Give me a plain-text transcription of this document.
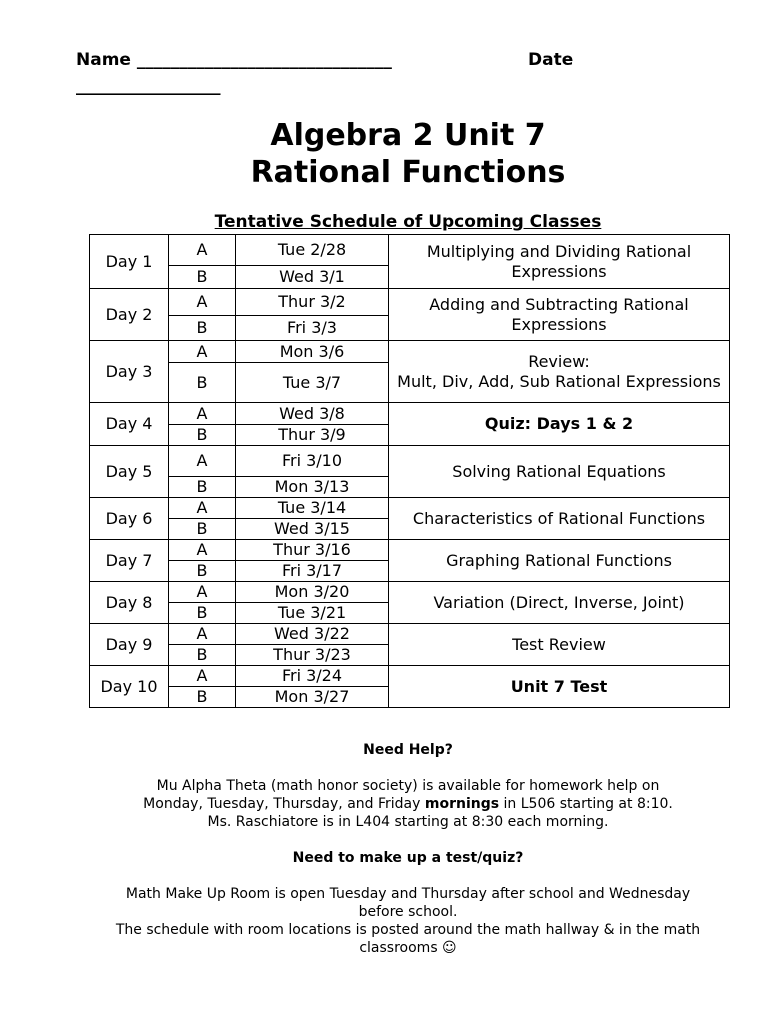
Name ______________________________	Date
_________________
Algebra 2 Unit 7
Rational Functions
Tentative Schedule of Upcoming Classes
Day 1	A	Tue 2/28	Multiplying and Dividing Rational Expressions
	B	Wed 3/1	
Day 2	A	Thur 3/2	Adding and Subtracting Rational Expressions
	B	Fri 3/3	
Day 3	A	Mon 3/6	Review:
Mult, Div, Add, Sub Rational Expressions
	B	Tue 3/7	
Day 4	A	Wed 3/8	Quiz: Days 1 & 2
	B	Thur 3/9	
Day 5	A	Fri 3/10	Solving Rational Equations
	B	Mon 3/13	
Day 6	A	Tue 3/14	Characteristics of Rational Functions
	B	Wed 3/15	
Day 7	A	Thur 3/16	Graphing Rational Functions
	B	Fri 3/17	
Day 8	A	Mon 3/20	Variation (Direct, Inverse, Joint)
	B	Tue 3/21	
Day 9	A	Wed 3/22	Test Review
	B	Thur 3/23	
Day 10	A	Fri 3/24	Unit 7 Test
	B	Mon 3/27	
Need Help?
Mu Alpha Theta (math honor society) is available for homework help on
Monday, Tuesday, Thursday, and Friday mornings in L506 starting at 8:10.
Ms. Raschiatore is in L404 starting at 8:30 each morning.
Need to make up a test/quiz?
Math Make Up Room is open Tuesday and Thursday after school and Wednesday
before school.
The schedule with room locations is posted around the math hallway & in the math
classrooms ☺
